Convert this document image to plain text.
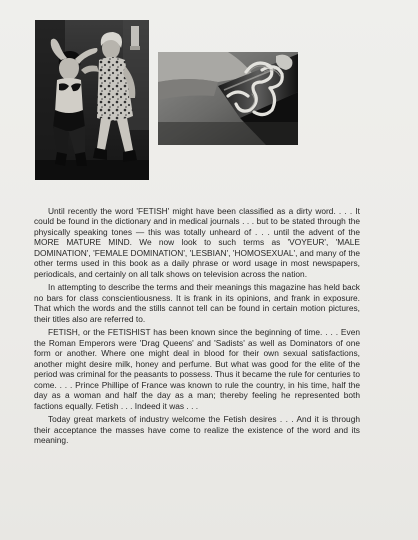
Until recently the word 'FETISH' might have been classified as a dirty word. . . . It could be found in the dictionary and in medical journals . . . but to be stated through the physically speaking tones — this was totally unheard of . . . until the advent of the MORE MATURE MIND. We now look to such terms as 'VOYEUR', 'MALE DOMINATION', 'FEMALE DOMINATION', 'LESBIAN', 'HOMOSEXUAL', and many of the other terms used in this book as a daily phrase or word usage in most newspapers, periodicals, and certainly on all talk shows on television across the nation.

In attempting to describe the terms and their meanings this magazine has held back no bars for class conscientiousness. It is frank in its opinions, and frank in exposure. That which the words and the stills cannot tell can be found in certain motion pictures, their titles also are referred to.

FETISH, or the FETISHIST has been known since the beginning of time. . . . Even the Roman Emperors were 'Drag Queens' and 'Sadists' as well as Dominators of one form or another. Where one might deal in blood for their own sexual satisfactions, another might desire milk, honey and perfume. But what was good for the elite of the period was criminal for the peasants to possess. Thus it became the rule for centuries to come. . . . Prince Phillipe of France was known to rule the country, in his time, half the day as a woman and half the day as a man; thereby feeling he represented both factions equally. Fetish . . . Indeed it was . . .

Today great markets of industry welcome the Fetish desires . . . And it is through their acceptance the masses have come to realize the existence of the word and its meaning.
